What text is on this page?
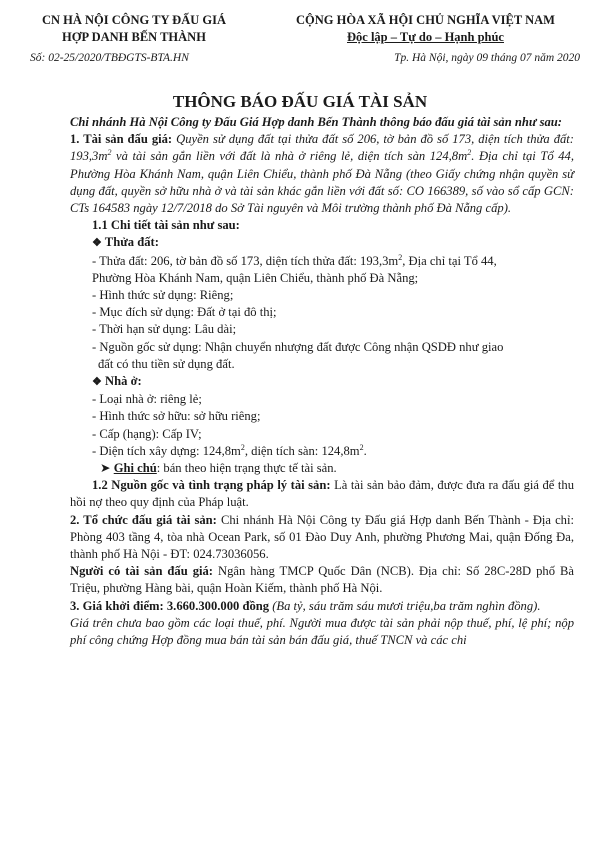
CN HÀ NỘI CÔNG TY ĐẤU GIÁ
HỢP DANH BẾN THÀNH
CỘNG HÒA XÃ HỘI CHỦ NGHĨA VIỆT NAM
Độc lập – Tự do – Hạnh phúc
Số: 02-25/2020/TBĐGTS-BTA.HN	Tp. Hà Nội, ngày 09 tháng 07 năm 2020
THÔNG BÁO ĐẤU GIÁ TÀI SẢN

Chi nhánh Hà Nội Công ty Đấu Giá Hợp danh Bến Thành thông báo đấu giá tài sản như sau:

1. Tài sản đấu giá: Quyền sử dụng đất tại thửa đất số 206, tờ bản đồ số 173, diện tích thửa đất: $193,3m^2$ và tài sản gắn liền với đất là nhà ở riêng lẻ, diện tích sàn $124,8m^2$. Địa chỉ tại Tổ 44, Phường Hòa Khánh Nam, quận Liên Chiểu, thành phố Đà Nẵng (theo Giấy chứng nhận quyền sử dụng đất, quyền sở hữu nhà ở và tài sản khác gắn liền với đất số: CO 166389, số vào sổ cấp GCN: CTs 164583 ngày 12/7/2018 do Sở Tài nguyên và Môi trường thành phố Đà Nẵng cấp).

1.1 Chi tiết tài sản như sau:

❖ Thửa đất:

- Thửa đất: 206, tờ bản đồ số 173, diện tích thửa đất: $193,3m^2$, Địa chỉ tại Tổ 44,

Phường Hòa Khánh Nam, quận Liên Chiểu, thành phố Đà Nẵng;

- Hình thức sử dụng: Riêng;

- Mục đích sử dụng: Đất ở tại đô thị;

- Thời hạn sử dụng: Lâu dài;

- Nguồn gốc sử dụng: Nhận chuyển nhượng đất được Công nhận QSDĐ như giao

đất có thu tiền sử dụng đất.

❖ Nhà ở:

- Loại nhà ở: riêng lẻ;

- Hình thức sở hữu: sở hữu riêng;

- Cấp (hạng): Cấp IV;

- Diện tích xây dựng: $124,8m^2$, diện tích sàn: $124,8m^2$.

➤ Ghi chú: bán theo hiện trạng thực tế tài sản.

1.2 Nguồn gốc và tình trạng pháp lý tài sản: Là tài sản bảo đảm, được đưa ra đấu giá để thu hồi nợ theo quy định của Pháp luật.

2. Tổ chức đấu giá tài sản: Chi nhánh Hà Nội Công ty Đấu giá Hợp danh Bến Thành - Địa chỉ: Phòng 403 tầng 4, tòa nhà Ocean Park, số 01 Đào Duy Anh, phường Phương Mai, quận Đống Đa, thành phố Hà Nội - ĐT: 024.73036056.

Người có tài sản đấu giá: Ngân hàng TMCP Quốc Dân (NCB). Địa chỉ: Số 28C-28D phố Bà Triệu, phường Hàng bài, quận Hoàn Kiếm, thành phố Hà Nội.

3. Giá khởi điểm: 3.660.300.000 đồng (Ba tỷ, sáu trăm sáu mươi triệu,ba trăm nghìn đồng).

Giá trên chưa bao gồm các loại thuế, phí. Người mua được tài sản phải nộp thuế, phí, lệ phí; nộp phí công chứng Hợp đồng mua bán tài sản bán đấu giá, thuế TNCN và các chi
